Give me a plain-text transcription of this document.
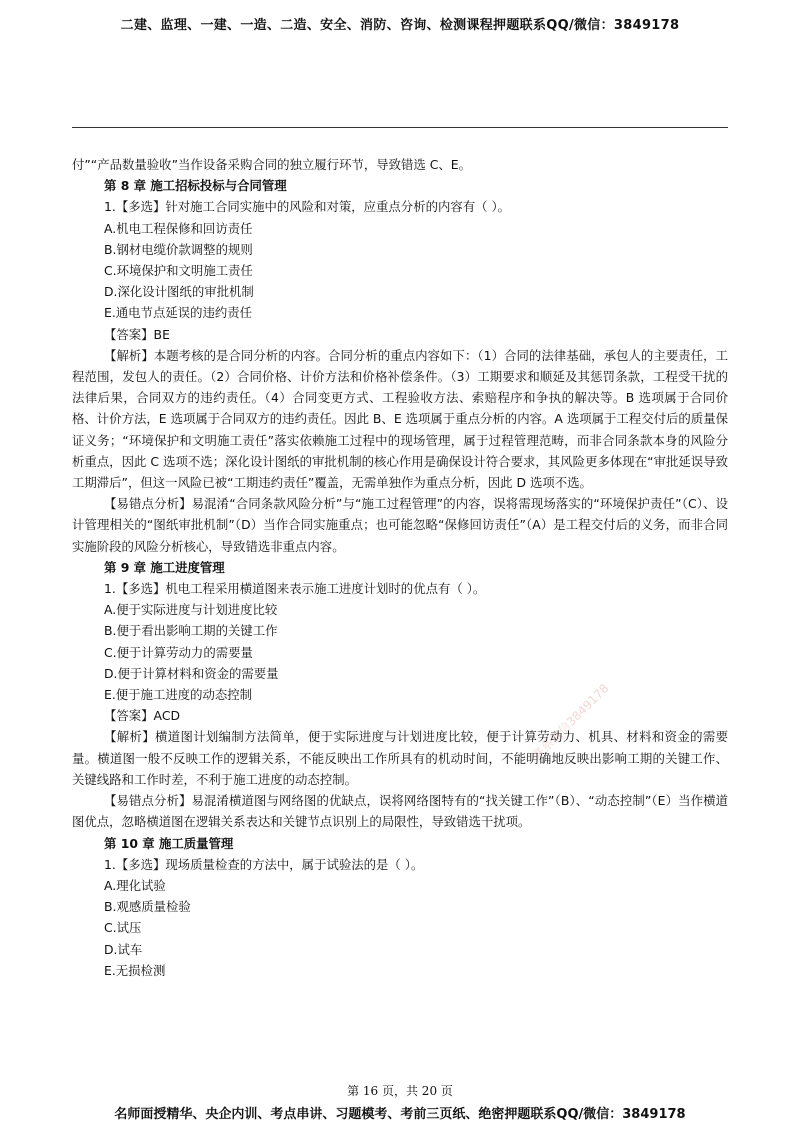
二建、监理、一建、一造、二造、安全、消防、咨询、检测课程押题联系QQ/微信：3849178
一联系微信3849178

付”“产品数量验收”当作设备采购合同的独立履行环节，导致错选 C、E。

第 8 章 施工招标投标与合同管理

1.【多选】针对施工合同实施中的风险和对策，应重点分析的内容有（ ）。

A.机电工程保修和回访责任

B.钢材电缆价款调整的规则

C.环境保护和文明施工责任

D.深化设计图纸的审批机制

E.通电节点延误的违约责任

【答案】BE

【解析】本题考核的是合同分析的内容。合同分析的重点内容如下：（1）合同的法律基础，承包人的主要责任，工程范围，发包人的责任。（2）合同价格、计价方法和价格补偿条件。（3）工期要求和顺延及其惩罚条款，工程受干扰的法律后果，合同双方的违约责任。（4）合同变更方式、工程验收方法、索赔程序和争执的解决等。B 选项属于合同价格、计价方法，E 选项属于合同双方的违约责任。因此 B、E 选项属于重点分析的内容。A 选项属于工程交付后的质量保证义务；“环境保护和文明施工责任”落实依赖施工过程中的现场管理，属于过程管理范畴，而非合同条款本身的风险分析重点，因此 C 选项不选；深化设计图纸的审批机制的核心作用是确保设计符合要求，其风险更多体现在“审批延误导致工期滞后”，但这一风险已被“工期违约责任”覆盖，无需单独作为重点分析，因此 D 选项不选。

【易错点分析】易混淆“合同条款风险分析”与“施工过程管理”的内容，误将需现场落实的“环境保护责任”（C）、设计管理相关的“图纸审批机制”（D）当作合同实施重点；也可能忽略“保修回访责任”（A）是工程交付后的义务，而非合同实施阶段的风险分析核心，导致错选非重点内容。

第 9 章 施工进度管理

1.【多选】机电工程采用横道图来表示施工进度计划时的优点有（ ）。

A.便于实际进度与计划进度比较

B.便于看出影响工期的关键工作

C.便于计算劳动力的需要量

D.便于计算材料和资金的需要量

E.便于施工进度的动态控制

【答案】ACD

【解析】横道图计划编制方法简单，便于实际进度与计划进度比较，便于计算劳动力、机具、材料和资金的需要量。横道图一般不反映工作的逻辑关系，不能反映出工作所具有的机动时间，不能明确地反映出影响工期的关键工作、关键线路和工作时差，不利于施工进度的动态控制。

【易错点分析】易混淆横道图与网络图的优缺点，误将网络图特有的“找关键工作”（B）、“动态控制”（E）当作横道图优点，忽略横道图在逻辑关系表达和关键节点识别上的局限性，导致错选干扰项。

第 10 章 施工质量管理

1.【多选】现场质量检查的方法中，属于试验法的是（ ）。

A.理化试验

B.观感质量检验

C.试压

D.试车

E.无损检测

第 16 页，共 20 页
名师面授精华、央企内训、考点串讲、习题模考、考前三页纸、绝密押题联系QQ/微信：3849178
